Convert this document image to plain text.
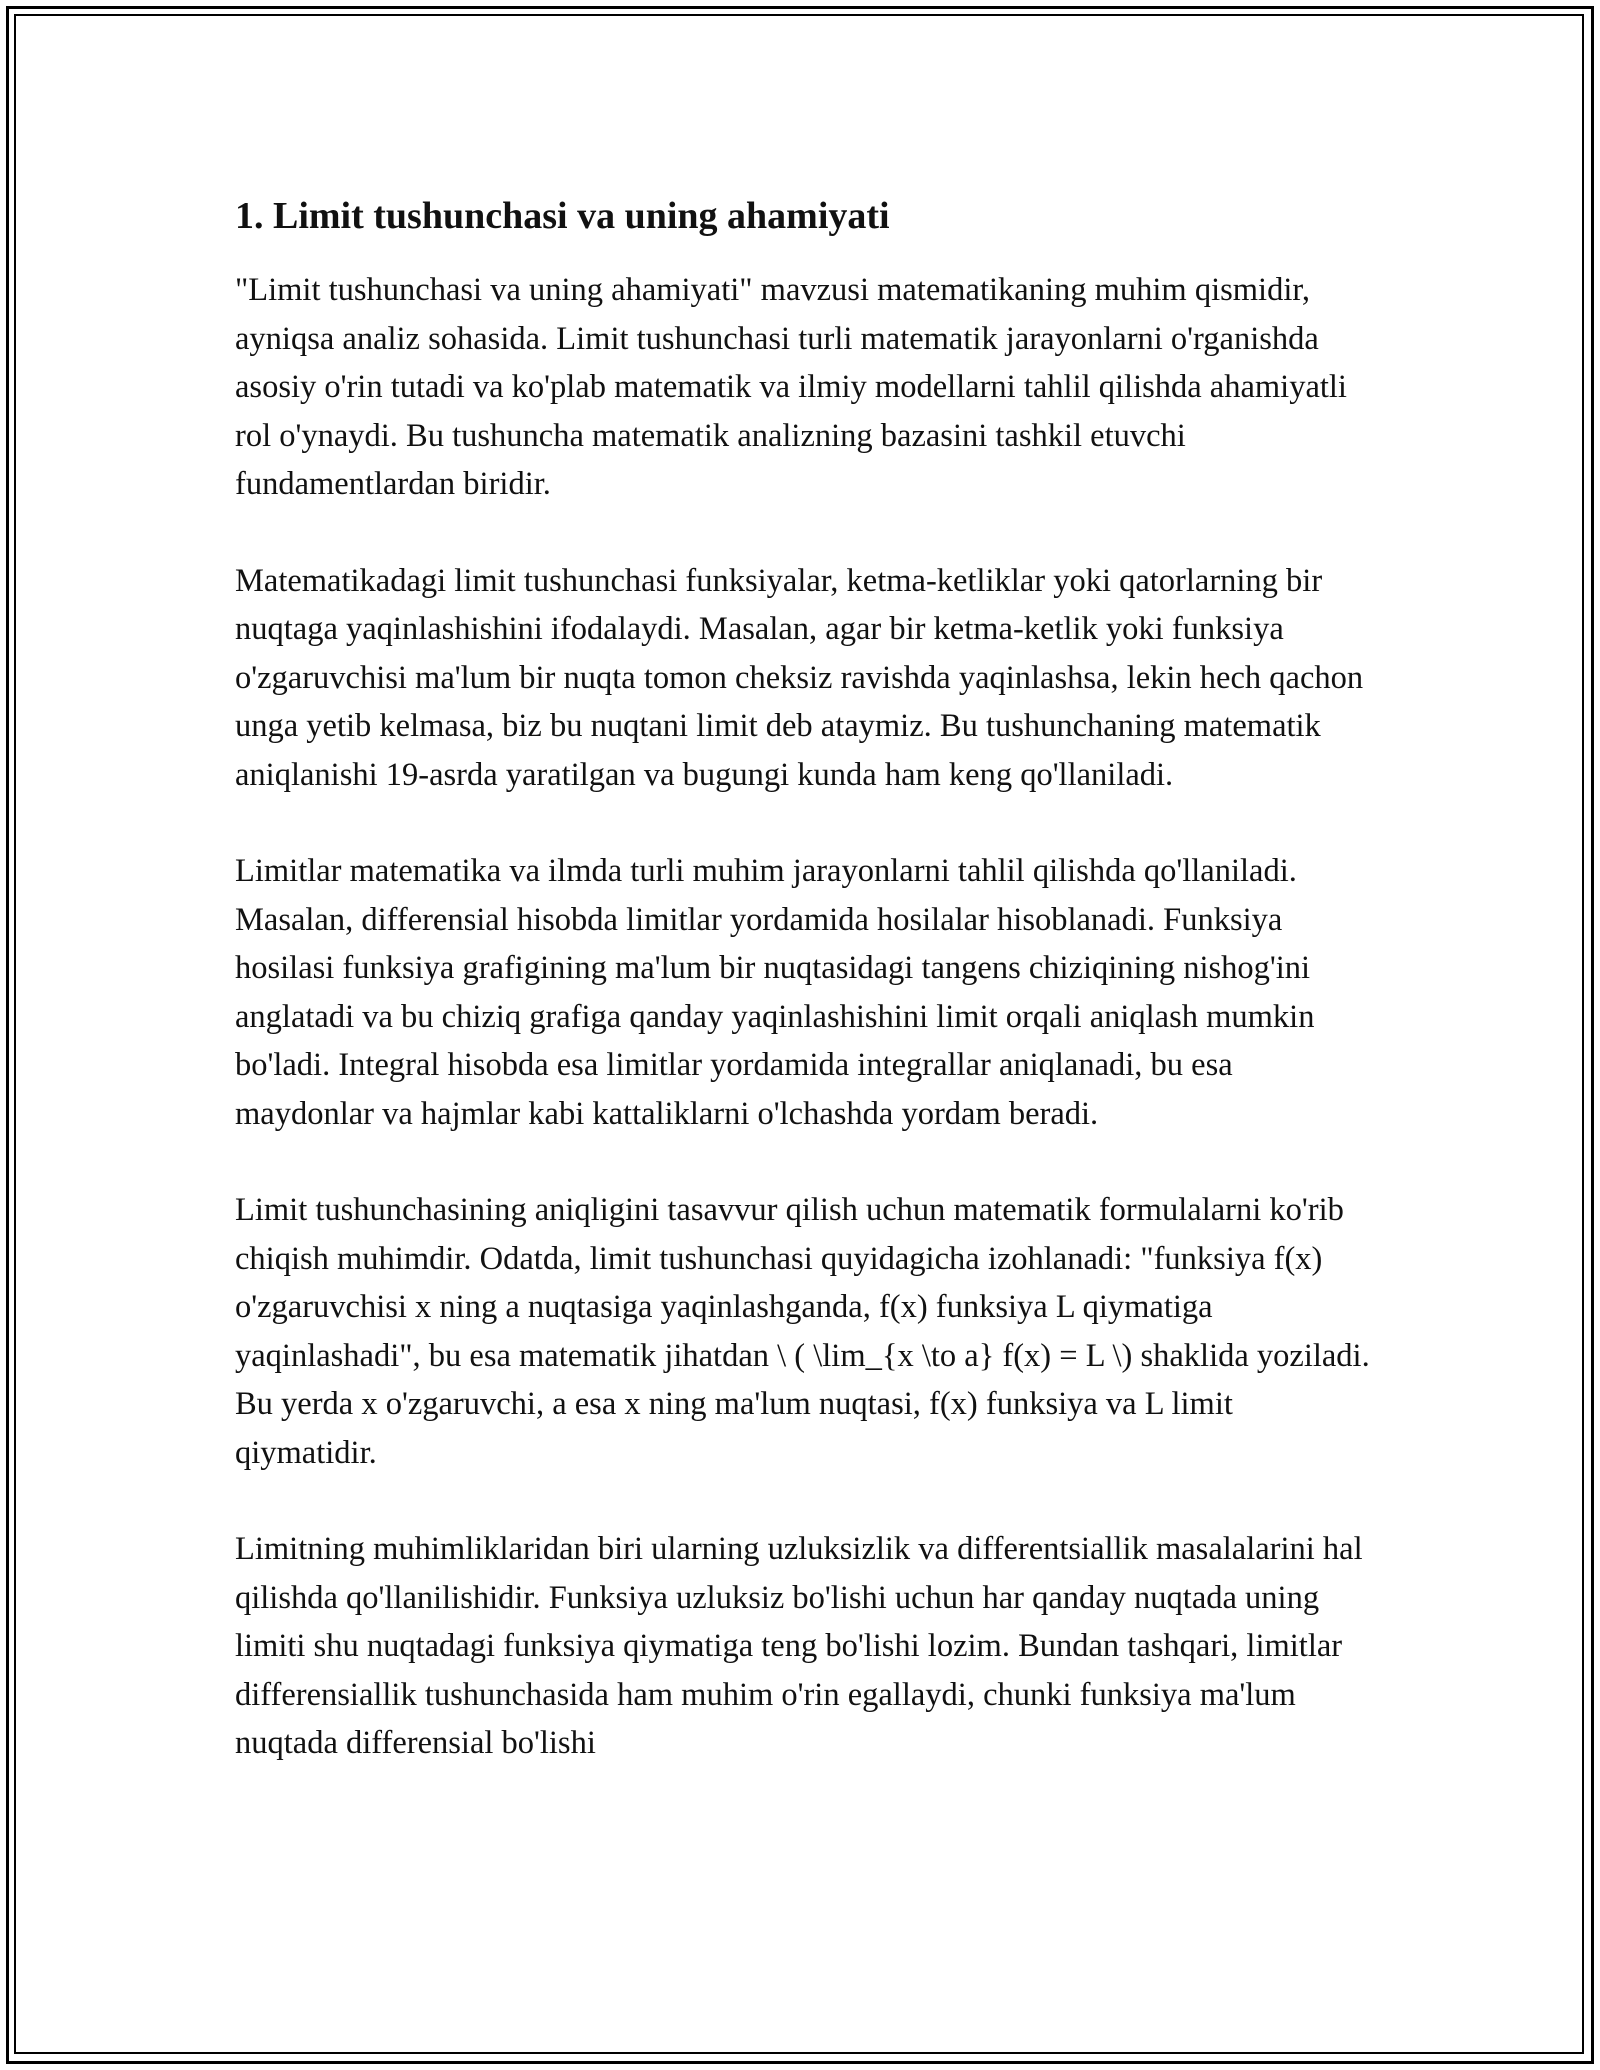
1. Limit tushunchasi va uning ahamiyati

"Limit tushunchasi va uning ahamiyati" mavzusi matematikaning muhim qismidir, ayniqsa analiz sohasida. Limit tushunchasi turli matematik jarayonlarni o'rganishda asosiy o'rin tutadi va ko'plab matematik va ilmiy modellarni tahlil qilishda ahamiyatli rol o'ynaydi. Bu tushuncha matematik analizning bazasini tashkil etuvchi fundamentlardan biridir.

Matematikadagi limit tushunchasi funksiyalar, ketma-ketliklar yoki qatorlarning bir nuqtaga yaqinlashishini ifodalaydi. Masalan, agar bir ketma-ketlik yoki funksiya o'zgaruvchisi ma'lum bir nuqta tomon cheksiz ravishda yaqinlashsa, lekin hech qachon unga yetib kelmasa, biz bu nuqtani limit deb ataymiz. Bu tushunchaning matematik aniqlanishi 19-asrda yaratilgan va bugungi kunda ham keng qo'llaniladi.

Limitlar matematika va ilmda turli muhim jarayonlarni tahlil qilishda qo'llaniladi. Masalan, differensial hisobda limitlar yordamida hosilalar hisoblanadi. Funksiya hosilasi funksiya grafigining ma'lum bir nuqtasidagi tangens chiziqining nishog'ini anglatadi va bu chiziq grafiga qanday yaqinlashishini limit orqali aniqlash mumkin bo'ladi. Integral hisobda esa limitlar yordamida integrallar aniqlanadi, bu esa maydonlar va hajmlar kabi kattaliklarni o'lchashda yordam beradi.

Limit tushunchasining aniqligini tasavvur qilish uchun matematik formulalarni ko'rib chiqish muhimdir. Odatda, limit tushunchasi quyidagicha izohlanadi: "funksiya f(x) o'zgaruvchisi x ning a nuqtasiga yaqinlashganda, f(x) funksiya L qiymatiga yaqinlashadi", bu esa matematik jihatdan \ ( \lim_{x \to a} f(x) = L \) shaklida yoziladi. Bu yerda x o'zgaruvchi, a esa x ning ma'lum nuqtasi, f(x) funksiya va L limit qiymatidir.

Limitning muhimliklaridan biri ularning uzluksizlik va differentsiallik masalalarini hal qilishda qo'llanilishidir. Funksiya uzluksiz bo'lishi uchun har qanday nuqtada uning limiti shu nuqtadagi funksiya qiymatiga teng bo'lishi lozim. Bundan tashqari, limitlar differensiallik tushunchasida ham muhim o'rin egallaydi, chunki funksiya ma'lum nuqtada differensial bo'lishi
